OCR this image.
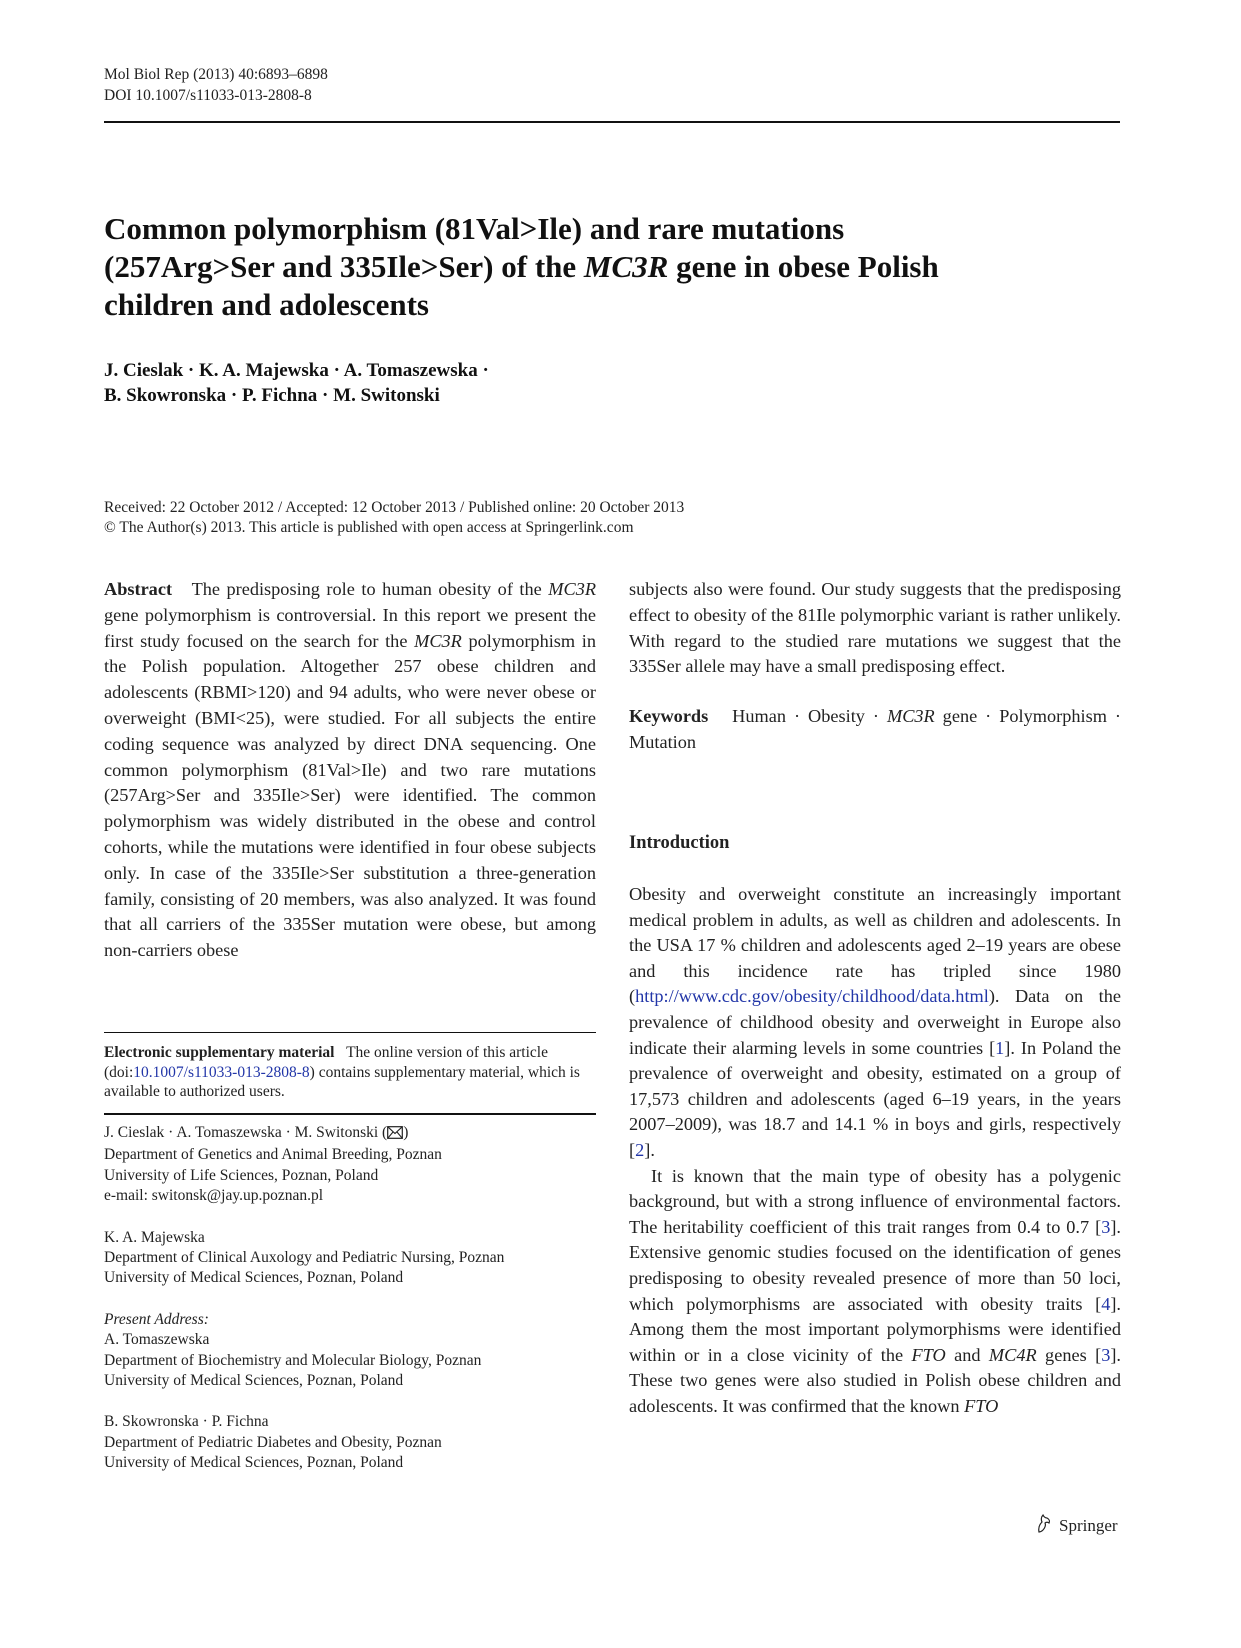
Mol Biol Rep (2013) 40:6893–6898
DOI 10.1007/s11033-013-2808-8
Common polymorphism (81Val>Ile) and rare mutations
(257Arg>Ser and 335Ile>Ser) of the MC3R gene in obese Polish
children and adolescents
J. Cieslak · K. A. Majewska · A. Tomaszewska ·
B. Skowronska · P. Fichna · M. Switonski
Received: 22 October 2012 / Accepted: 12 October 2013 / Published online: 20 October 2013
© The Author(s) 2013. This article is published with open access at Springerlink.com

Abstract The predisposing role to human obesity of the MC3R gene polymorphism is controversial. In this report we present the first study focused on the search for the MC3R polymorphism in the Polish population. Altogether 257 obese children and adolescents (RBMI>120) and 94 adults, who were never obese or overweight (BMI<25), were studied. For all subjects the entire coding sequence was analyzed by direct DNA sequencing. One common polymorphism (81Val>Ile) and two rare mutations (257Arg>Ser and 335Ile>Ser) were identified. The common polymorphism was widely distributed in the obese and control cohorts, while the mutations were identified in four obese subjects only. In case of the 335Ile>Ser substitution a three-generation family, consisting of 20 members, was also analyzed. It was found that all carriers of the 335Ser mutation were obese, but among non-carriers obese

Electronic supplementary material The online version of this article (doi:10.1007/s11033-013-2808-8) contains supplementary material, which is available to authorized users.
J. Cieslak · A. Tomaszewska · M. Switonski ( )
Department of Genetics and Animal Breeding, Poznan
University of Life Sciences, Poznan, Poland
e-mail: switonsk@jay.up.poznan.pl
K. A. Majewska
Department of Clinical Auxology and Pediatric Nursing, Poznan
University of Medical Sciences, Poznan, Poland
Present Address:
A. Tomaszewska
Department of Biochemistry and Molecular Biology, Poznan
University of Medical Sciences, Poznan, Poland
B. Skowronska · P. Fichna
Department of Pediatric Diabetes and Obesity, Poznan
University of Medical Sciences, Poznan, Poland

subjects also were found. Our study suggests that the predisposing effect to obesity of the 81Ile polymorphic variant is rather unlikely. With regard to the studied rare mutations we suggest that the 335Ser allele may have a small predisposing effect.

Keywords Human · Obesity · MC3R gene · Polymorphism · Mutation

Introduction

Obesity and overweight constitute an increasingly important medical problem in adults, as well as children and adolescents. In the USA 17 % children and adolescents aged 2–19 years are obese and this incidence rate has tripled since 1980 (http://www.cdc.gov/obesity/childhood/data.html). Data on the prevalence of childhood obesity and overweight in Europe also indicate their alarming levels in some countries [1]. In Poland the prevalence of overweight and obesity, estimated on a group of 17,573 children and adolescents (aged 6–19 years, in the years 2007–2009), was 18.7 and 14.1 % in boys and girls, respectively [2].

It is known that the main type of obesity has a polygenic background, but with a strong influence of environmental factors. The heritability coefficient of this trait ranges from 0.4 to 0.7 [3]. Extensive genomic studies focused on the identification of genes predisposing to obesity revealed presence of more than 50 loci, which polymorphisms are associated with obesity traits [4]. Among them the most important polymorphisms were identified within or in a close vicinity of the FTO and MC4R genes [3]. These two genes were also studied in Polish obese children and adolescents. It was confirmed that the known FTO

Springer
